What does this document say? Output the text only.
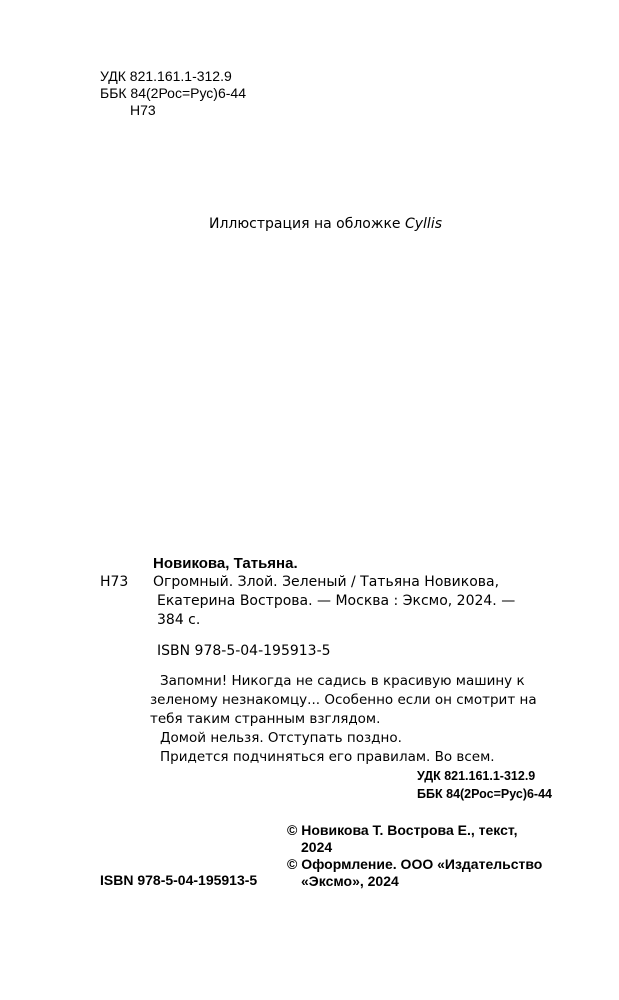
УДК 821.161.1-312.9
ББК 84(2Рос=Рус)6-44
Н73
Иллюстрация на обложке Cyllis
Новикова, Татьяна.
Н73 Огромный. Злой. Зеленый / Татьяна Новикова,
Екатерина Вострова. — Москва : Эксмо, 2024. —
384 с.
ISBN 978-5-04-195913-5
Запомни! Никогда не садись в красивую машину к
зеленому незнакомцу... Особенно если он смотрит на
тебя таким странным взглядом.
Домой нельзя. Отступать поздно.
Придется подчиняться его правилам. Во всем.
УДК 821.161.1-312.9
ББК 84(2Рос=Рус)6-44
© Новикова Т. Вострова Е., текст,
2024
© Оформление. ООО «Издательство
«Эксмо», 2024
ISBN 978-5-04-195913-5
